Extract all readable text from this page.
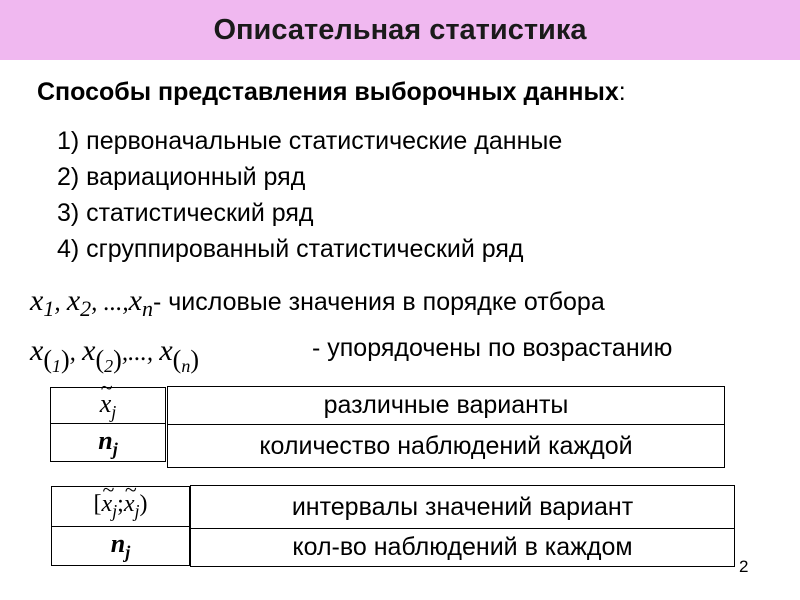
Описательная статистика
Способы представления выборочных данных:
1) первоначальные статистические данные
2) вариационный ряд
3) статистический ряд
4) сгруппированный статистический ряд
$x_1$, $x_2$, $...,x_n$ - числовые значения в порядке отбора
$x(_1)$, $x(_2)$,..., $x(_n)$	- упорядочены по возрастанию
~ $x_j$
$n_j$
различные варианты
количество наблюдений каждой
[~ $x_j;\sim$ $x_j$)
$n_j$
интервалы значений вариант
кол-во наблюдений в каждом
2
